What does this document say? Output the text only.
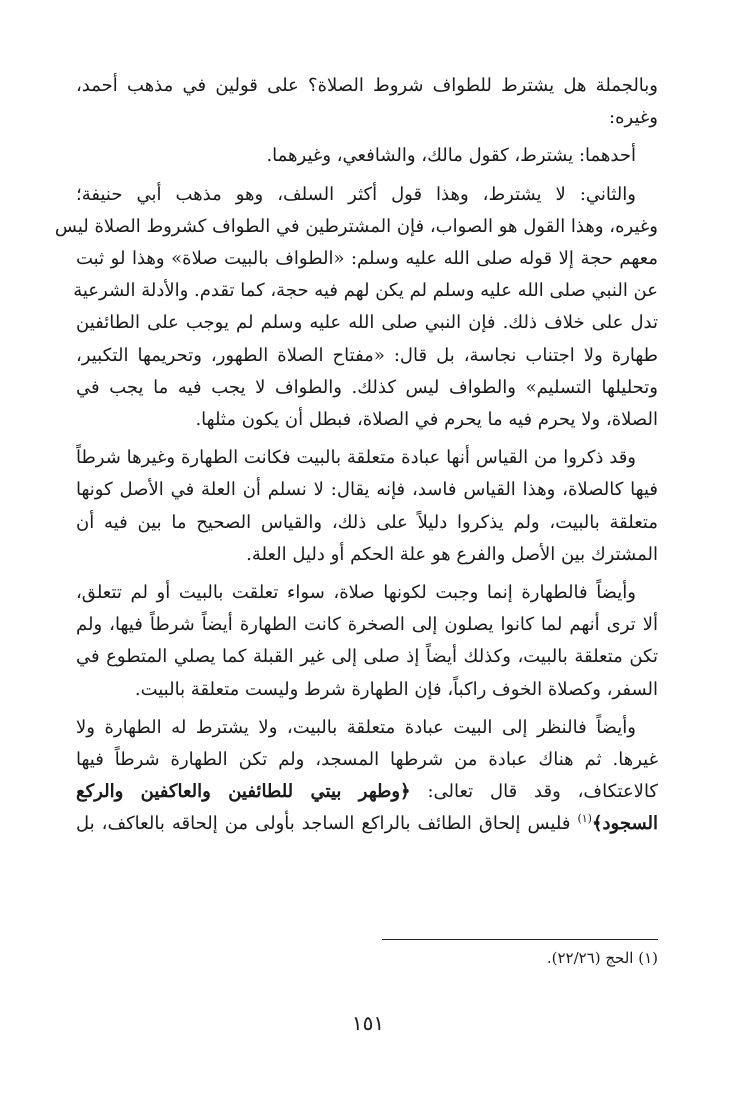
وبالجملة هل يشترط للطواف شروط الصلاة؟ على قولين في مذهب أحمد،
وغيره:

أحدهما: يشترط، كقول مالك، والشافعي، وغيرهما.

والثاني: لا يشترط، وهذا قول أكثر السلف، وهو مذهب أبي حنيفة؛
وغيره، وهذا القول هو الصواب، فإن المشترطين في الطواف كشروط الصلاة ليس
معهم حجة إلا قوله صلى الله عليه وسلم: «الطواف بالبيت صلاة» وهذا لو ثبت
عن النبي صلى الله عليه وسلم لم يكن لهم فيه حجة، كما تقدم. والأدلة الشرعية
تدل على خلاف ذلك. فإن النبي صلى الله عليه وسلم لم يوجب على الطائفين
طهارة ولا اجتناب نجاسة، بل قال: «مفتاح الصلاة الطهور، وتحريمها التكبير،
وتحليلها التسليم» والطواف ليس كذلك. والطواف لا يجب فيه ما يجب في
الصلاة، ولا يحرم فيه ما يحرم في الصلاة، فبطل أن يكون مثلها.

وقد ذكروا من القياس أنها عبادة متعلقة بالبيت فكانت الطهارة وغيرها شرطاً
فيها كالصلاة، وهذا القياس فاسد، فإنه يقال: لا نسلم أن العلة في الأصل كونها
متعلقة بالبيت، ولم يذكروا دليلاً على ذلك، والقياس الصحيح ما بين فيه أن
المشترك بين الأصل والفرع هو علة الحكم أو دليل العلة.

وأيضاً فالطهارة إنما وجبت لكونها صلاة، سواء تعلقت بالبيت أو لم تتعلق،
ألا ترى أنهم لما كانوا يصلون إلى الصخرة كانت الطهارة أيضاً شرطاً فيها، ولم
تكن متعلقة بالبيت، وكذلك أيضاً إذ صلى إلى غير القبلة كما يصلي المتطوع في
السفر، وكصلاة الخوف راكباً، فإن الطهارة شرط وليست متعلقة بالبيت.

وأيضاً فالنظر إلى البيت عبادة متعلقة بالبيت، ولا يشترط له الطهارة ولا
غيرها. ثم هناك عبادة من شرطها المسجد، ولم تكن الطهارة شرطاً فيها
كالاعتكاف، وقد قال تعالى: ﴿وطهر بيتي للطائفين والعاكفين والركع
السجود﴾$^{(١)}$ فليس إلحاق الطائف بالراكع الساجد بأولى من إلحاقه بالعاكف، بل

(١) الحج (٢٢/٢٦).
١٥١
